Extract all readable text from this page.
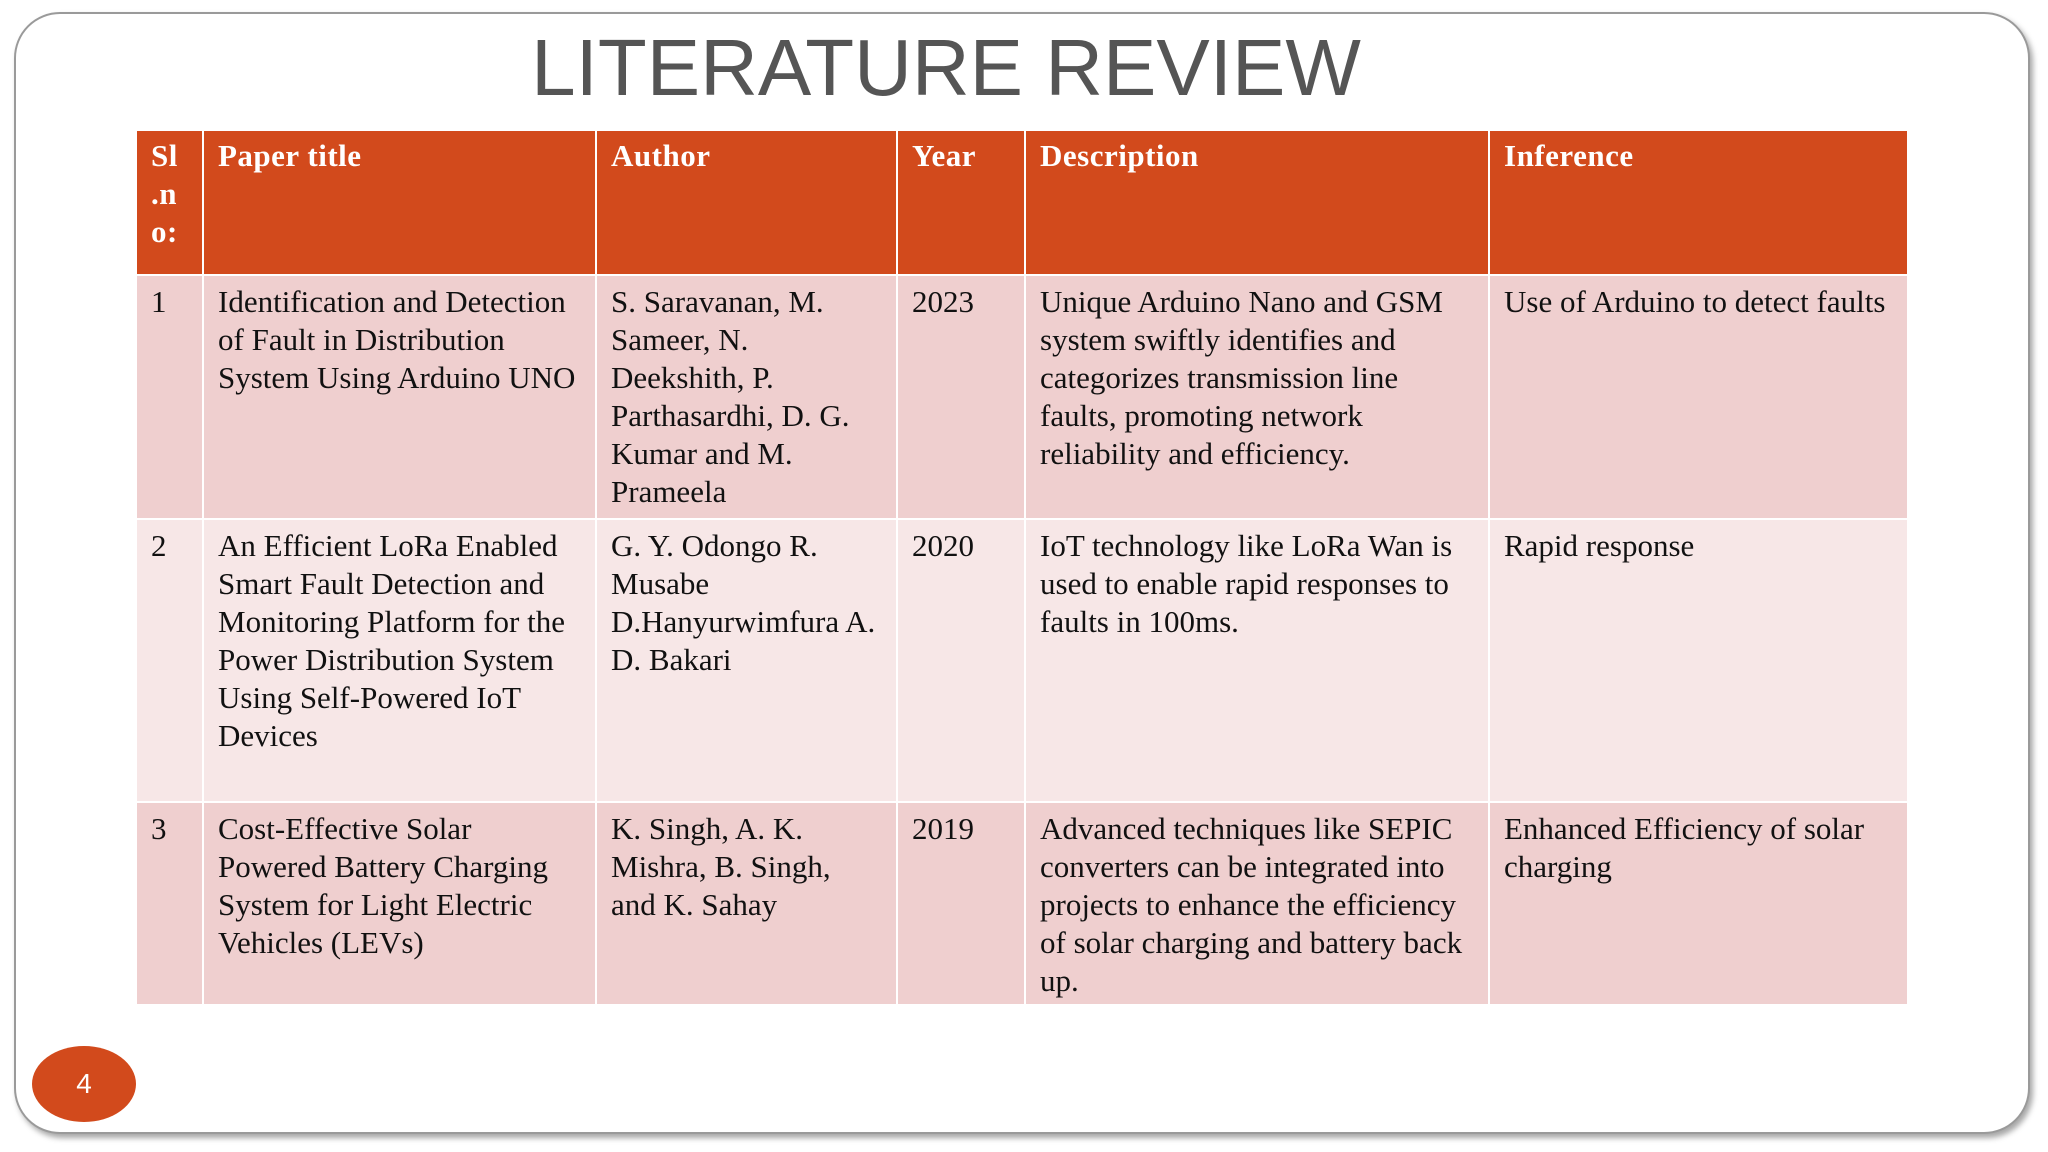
LITERATURE REVIEW
Sl .no:	Paper title	Author	Year	Description	Inference
1	Identification and Detection of Fault in Distribution System Using Arduino UNO	S. Saravanan, M. Sameer, N. Deekshith, P. Parthasardhi, D. G. Kumar and M. Prameela	2023	Unique Arduino Nano and GSM system swiftly identifies and categorizes transmission line faults, promoting network reliability and efficiency.	Use of Arduino to detect faults
2	An Efficient LoRa Enabled Smart Fault Detection and Monitoring Platform for the Power Distribution System Using Self-Powered IoT Devices	G. Y. Odongo R. Musabe D.Hanyurwimfura A. D. Bakari	2020	IoT technology like LoRa Wan is used to enable rapid responses to faults in 100ms.	Rapid response
3	Cost-Effective Solar Powered Battery Charging System for Light Electric Vehicles (LEVs)	K. Singh, A. K. Mishra, B. Singh, and K. Sahay	2019	Advanced techniques like SEPIC converters can be integrated into projects to enhance the efficiency of solar charging and battery back up.	Enhanced Efficiency of solar charging
4
